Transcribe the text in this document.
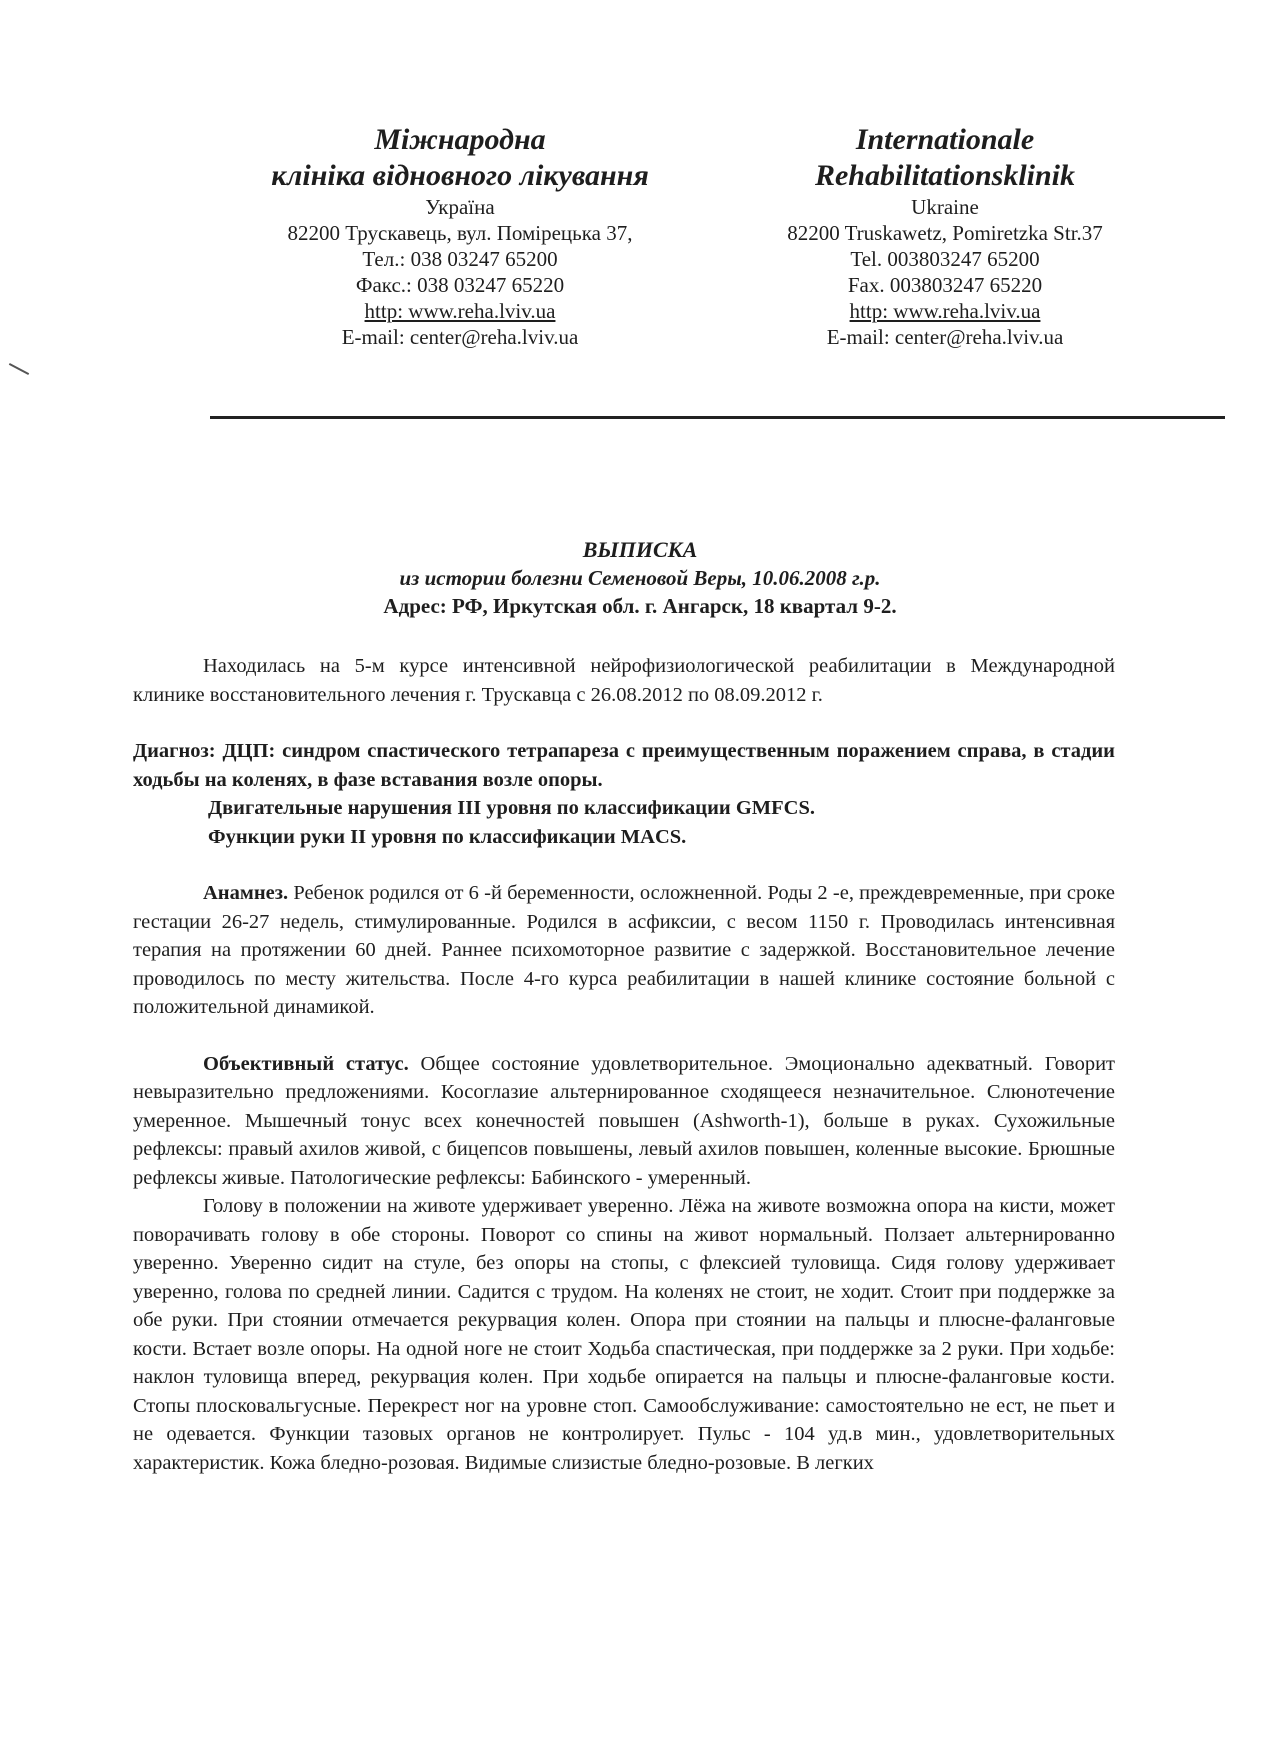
Міжнародна
клініка відновного лікування
Україна
82200 Трускавець, вул. Помірецька 37,
Тел.: 038 03247 65200
Факс.: 038 03247 65220
http: www.reha.lviv.ua
E-mail: center@reha.lviv.ua
Internationale
Rehabilitationsklinik
Ukraine
82200 Truskawetz, Pomiretzka Str.37
Tel. 003803247 65200
Fax. 003803247 65220
http: www.reha.lviv.ua
E-mail: center@reha.lviv.ua
ВЫПИСКА
из истории болезни Семеновой Веры, 10.06.2008 г.р.
Адрес: РФ, Иркутская обл. г. Ангарск, 18 квартал 9-2.

Находилась на 5-м курсе интенсивной нейрофизиологической реабилитации в Международной клинике восстановительного лечения г. Трускавца с 26.08.2012 по 08.09.2012 г.

Диагноз: ДЦП: синдром спастического тетрапареза с преимущественным поражением справа, в стадии ходьбы на коленях, в фазе вставания возле опоры.

Двигательные нарушения III уровня по классификации GMFCS.

Функции руки II уровня по классификации MACS.

Анамнез. Ребенок родился от 6 -й беременности, осложненной. Роды 2 -е, преждевременные, при сроке гестации 26-27 недель, стимулированные. Родился в асфиксии, с весом 1150 г. Проводилась интенсивная терапия на протяжении 60 дней. Раннее психомоторное развитие с задержкой. Восстановительное лечение проводилось по месту жительства. После 4-го курса реабилитации в нашей клинике состояние больной с положительной динамикой.

Объективный статус. Общее состояние удовлетворительное. Эмоционально адекватный. Говорит невыразительно предложениями. Косоглазие альтернированное сходящееся незначительное. Слюнотечение умеренное. Мышечный тонус всех конечностей повышен (Ashworth-1), больше в руках. Сухожильные рефлексы: правый ахилов живой, с бицепсов повышены, левый ахилов повышен, коленные высокие. Брюшные рефлексы живые. Патологические рефлексы: Бабинского - умеренный.

Голову в положении на животе удерживает уверенно. Лёжа на животе возможна опора на кисти, может поворачивать голову в обе стороны. Поворот со спины на живот нормальный. Ползает альтернированно уверенно. Уверенно сидит на стуле, без опоры на стопы, с флексией туловища. Сидя голову удерживает уверенно, голова по средней линии. Садится с трудом. На коленях не стоит, не ходит. Стоит при поддержке за обе руки. При стоянии отмечается рекурвация колен. Опора при стоянии на пальцы и плюсне-фаланговые кости. Встает возле опоры. На одной ноге не стоит Ходьба спастическая, при поддержке за 2 руки. При ходьбе: наклон туловища вперед, рекурвация колен. При ходьбе опирается на пальцы и плюсне-фаланговые кости. Стопы плосковальгусные. Перекрест ног на уровне стоп. Самообслуживание: самостоятельно не ест, не пьет и не одевается. Функции тазовых органов не контролирует. Пульс - 104 уд.в мин., удовлетворительных характеристик. Кожа бледно-розовая. Видимые слизистые бледно-розовые. В легких
